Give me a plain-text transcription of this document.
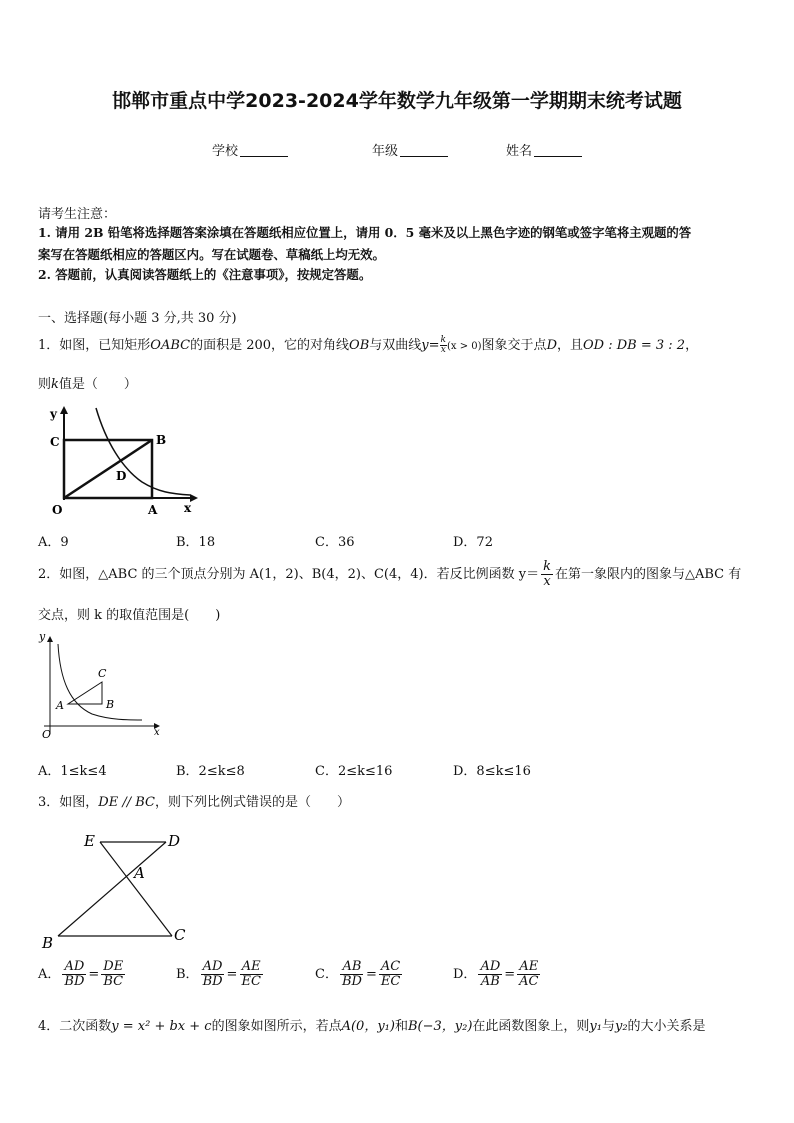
邯郸市重点中学2023-2024学年数学九年级第一学期期末统考试题
学校	年级	姓名
请考生注意：
1. 请用 2B 铅笔将选择题答案涂填在答题纸相应位置上，请用 0．5 毫米及以上黑色字迹的钢笔或签字笔将主观题的答
案写在答题纸相应的答题区内。写在试题卷、草稿纸上均无效。
2. 答题前，认真阅读答题纸上的《注意事项》，按规定答题。
一、选择题(每小题 3 分,共 30 分)
1．如图，已知矩形OABC的面积是 200，它的对角线OB与双曲线$y= \frac{k}{x} (x > 0)$图象交于点D，且OD : DB = 3 : 2，
则k值是（　　）
y
x
C	B
D
O	A
A．9	B．18	C．36	D．72
2．如图，△ABC 的三个顶点分别为 A(1，2)、B(4，2)、C(4，4)．若反比例函数 $y= \frac{k}{x}$ 在第一象限内的图象与△ABC 有
交点，则 k 的取值范围是(　　)
y
x
O
A	B
C
A．1≤k≤4	B．2≤k≤8	C．2≤k≤16	D．8≤k≤16
3．如图，DE // BC，则下列比例式错误的是（　　）
E	D
A
B	C
A． $\frac{AD}{BD} = \frac{DE}{BC}$	B． $\frac{AD}{BD} = \frac{AE}{EC}$	C． $\frac{AB}{BD} = \frac{AC}{EC}$	D． $\frac{AD}{AB} = \frac{AE}{AC}$
4．二次函数y = x² + bx + c的图象如图所示，若点A(0，y₁)和B(−3，y₂)在此函数图象上，则y₁与y₂的大小关系是
